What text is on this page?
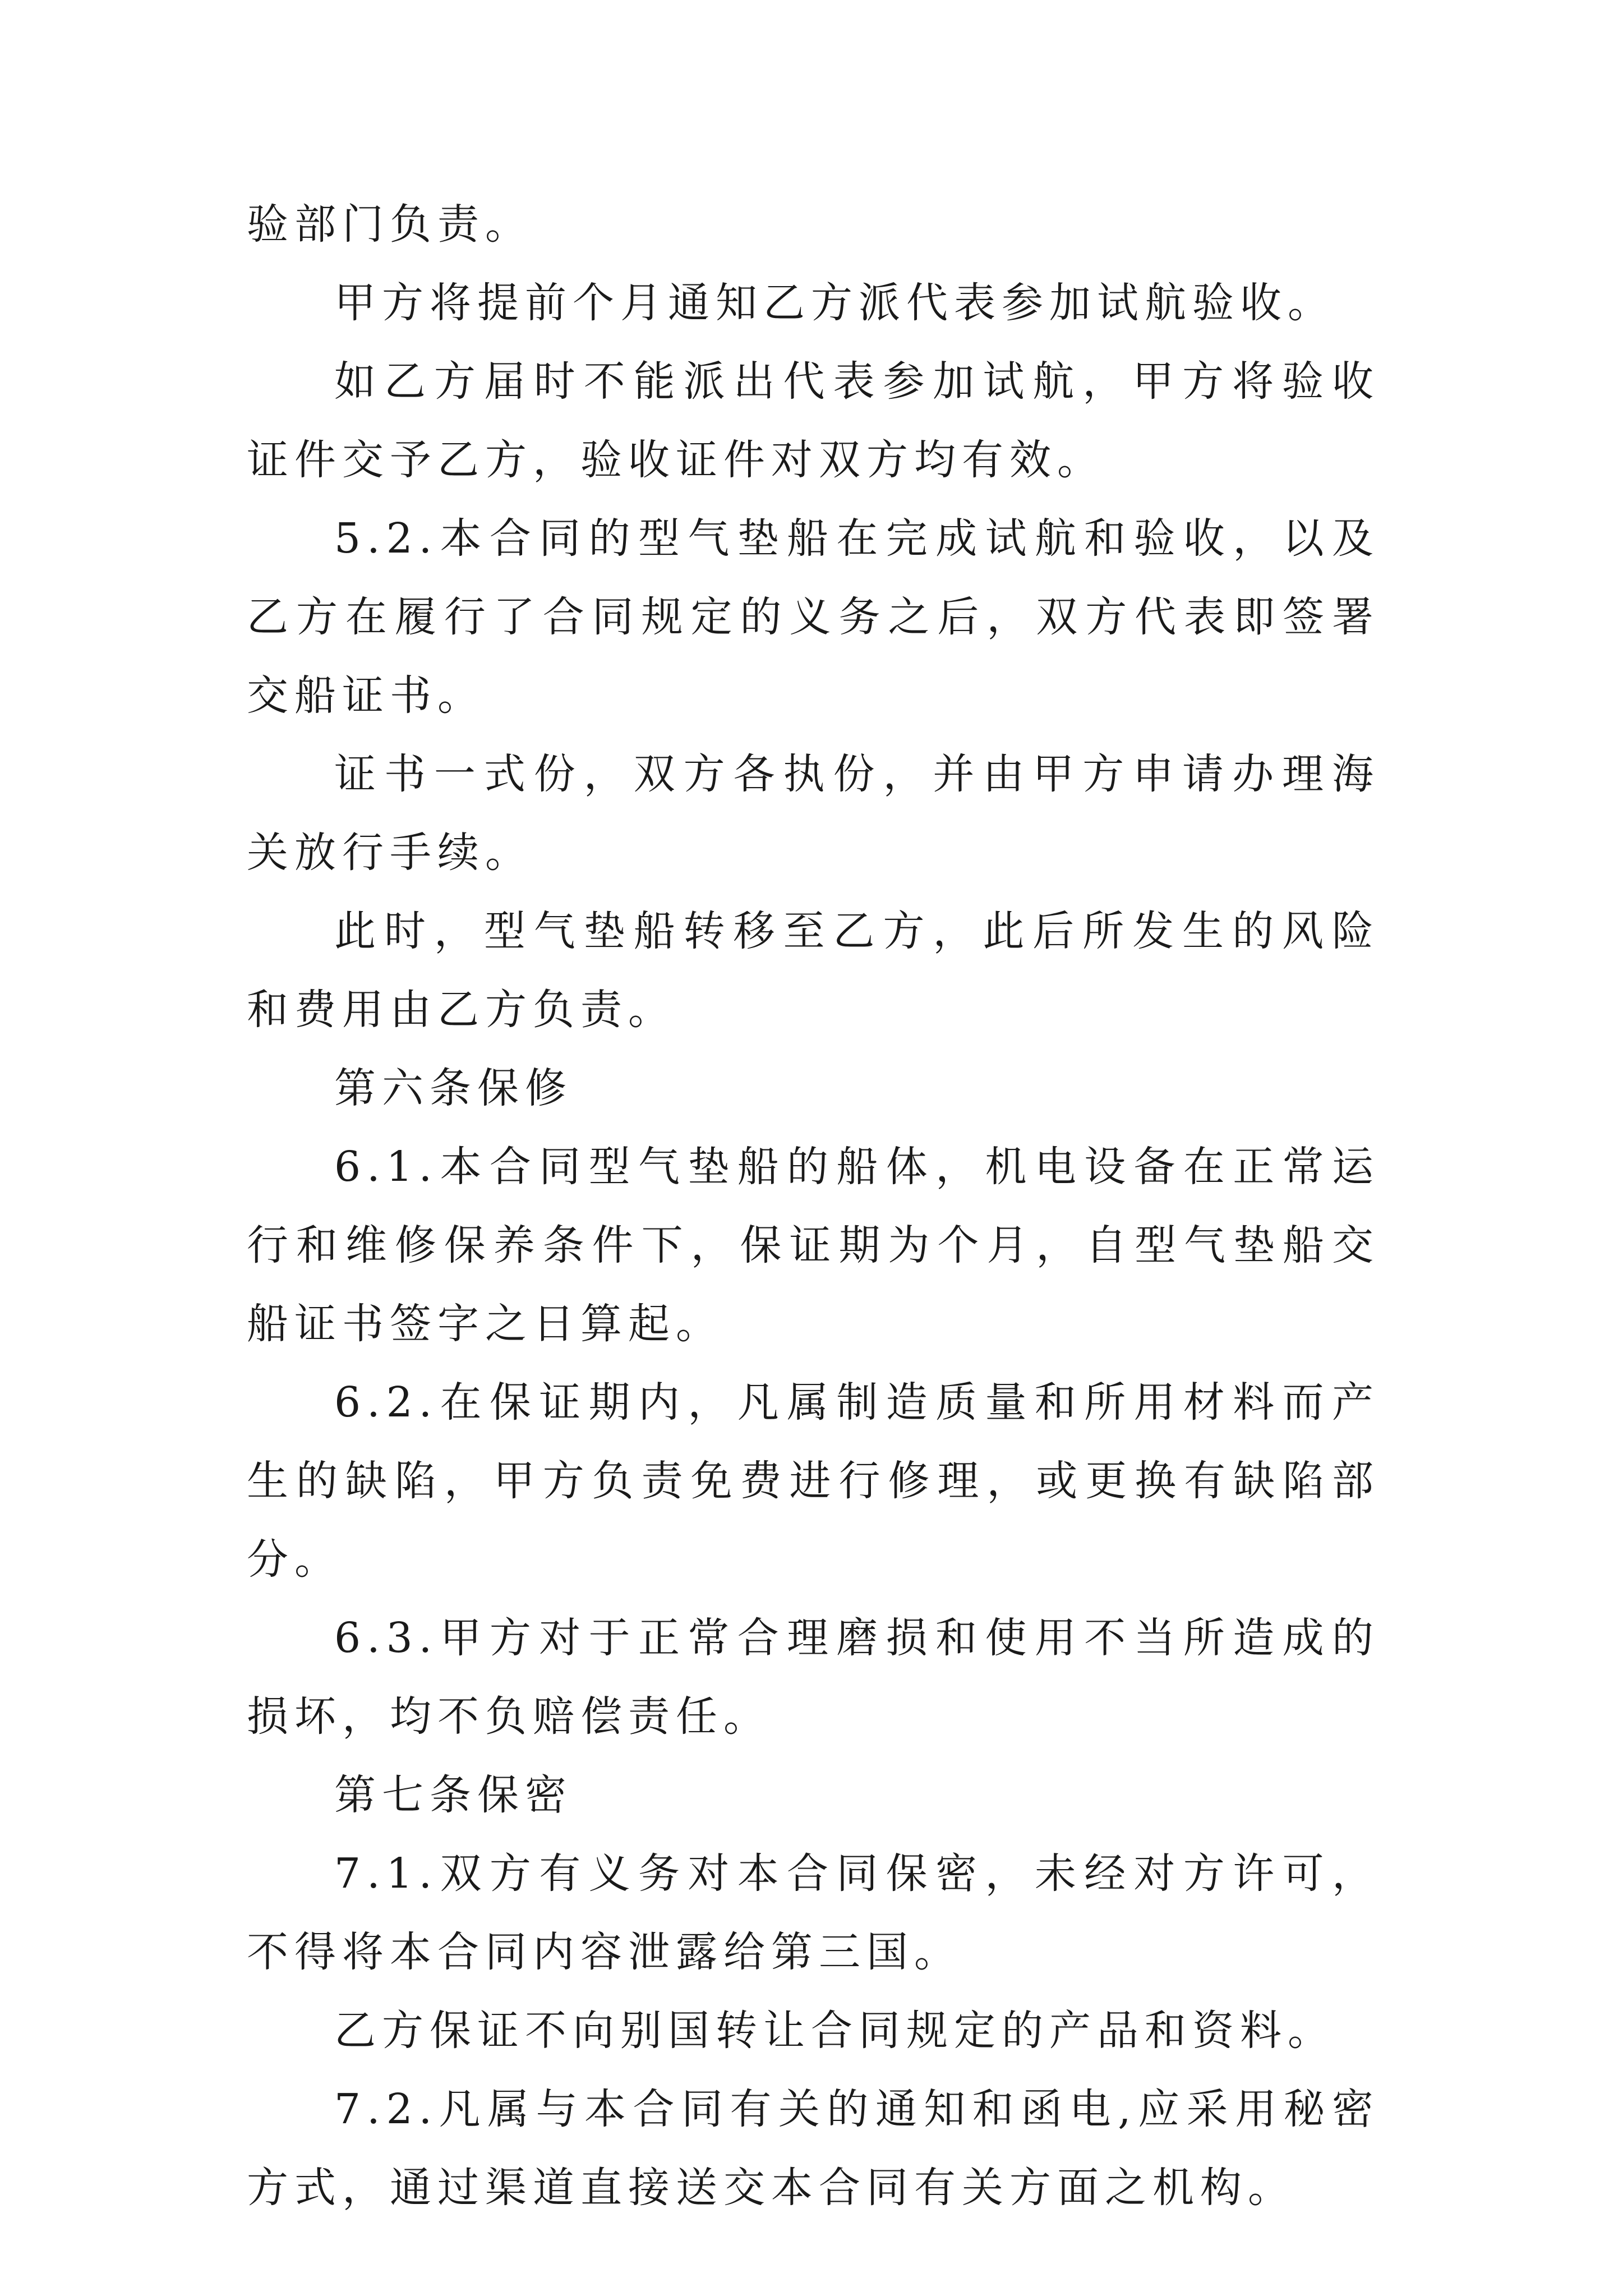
验部门负责。

甲方将提前个月通知乙方派代表参加试航验收。

如乙方届时不能派出代表参加试航，甲方将验收证件交予乙方，验收证件对双方均有效。

5.2.本合同的型气垫船在完成试航和验收，以及乙方在履行了合同规定的义务之后，双方代表即签署交船证书。

证书一式份，双方各执份，并由甲方申请办理海关放行手续。

此时，型气垫船转移至乙方，此后所发生的风险和费用由乙方负责。

第六条保修

6.1.本合同型气垫船的船体，机电设备在正常运行和维修保养条件下，保证期为个月，自型气垫船交船证书签字之日算起。

6.2.在保证期内，凡属制造质量和所用材料而产生的缺陷，甲方负责免费进行修理，或更换有缺陷部分。

6.3.甲方对于正常合理磨损和使用不当所造成的损坏，均不负赔偿责任。

第七条保密

7.1.双方有义务对本合同保密，未经对方许可，不得将本合同内容泄露给第三国。

乙方保证不向别国转让合同规定的产品和资料。

7.2.凡属与本合同有关的通知和函电,应采用秘密方式，通过渠道直接送交本合同有关方面之机构。
